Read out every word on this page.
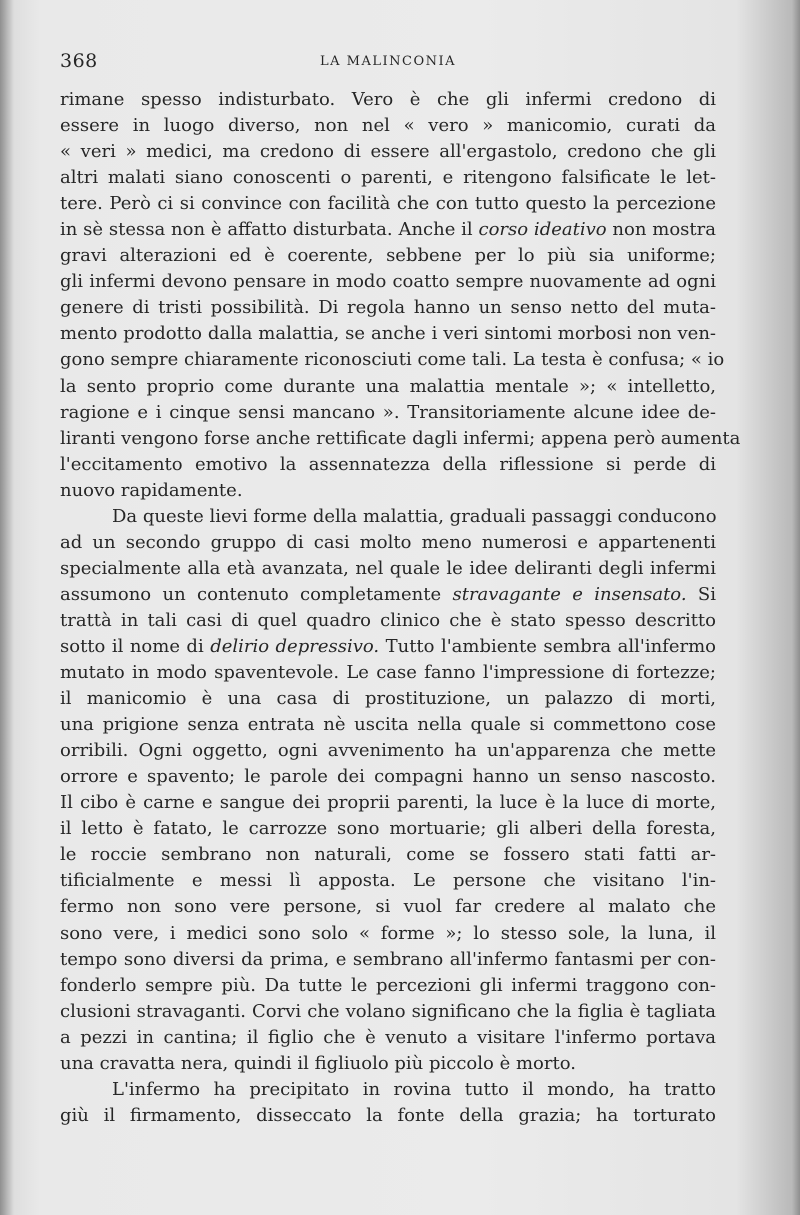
368	LA MALINCONIA

rimane spesso indisturbato. Vero è che gli infermi credono di
essere in luogo diverso, non nel « vero » manicomio, curati da
« veri » medici, ma credono di essere all'ergastolo, credono che gli
altri malati siano conoscenti o parenti, e ritengono falsificate le let-
tere. Però ci si convince con facilità che con tutto questo la percezione
in sè stessa non è affatto disturbata. Anche il corso ideativo non mostra
gravi alterazioni ed è coerente, sebbene per lo più sia uniforme;
gli infermi devono pensare in modo coatto sempre nuovamente ad ogni
genere di tristi possibilità. Di regola hanno un senso netto del muta-
mento prodotto dalla malattia, se anche i veri sintomi morbosi non ven-
gono sempre chiaramente riconosciuti come tali. La testa è confusa; « io
la sento proprio come durante una malattia mentale »; « intelletto,
ragione e i cinque sensi mancano ». Transitoriamente alcune idee de-
liranti vengono forse anche rettificate dagli infermi; appena però aumenta
l'eccitamento emotivo la assennatezza della riflessione si perde di
nuovo rapidamente.

Da queste lievi forme della malattia, graduali passaggi conducono
ad un secondo gruppo di casi molto meno numerosi e appartenenti
specialmente alla età avanzata, nel quale le idee deliranti degli infermi
assumono un contenuto completamente stravagante e insensato. Si
trattà in tali casi di quel quadro clinico che è stato spesso descritto
sotto il nome di delirio depressivo. Tutto l'ambiente sembra all'infermo
mutato in modo spaventevole. Le case fanno l'impressione di fortezze;
il manicomio è una casa di prostituzione, un palazzo di morti,
una prigione senza entrata nè uscita nella quale si commettono cose
orribili. Ogni oggetto, ogni avvenimento ha un'apparenza che mette
orrore e spavento; le parole dei compagni hanno un senso nascosto.
Il cibo è carne e sangue dei proprii parenti, la luce è la luce di morte,
il letto è fatato, le carrozze sono mortuarie; gli alberi della foresta,
le roccie sembrano non naturali, come se fossero stati fatti ar-
tificialmente e messi lì apposta. Le persone che visitano l'in-
fermo non sono vere persone, si vuol far credere al malato che
sono vere, i medici sono solo « forme »; lo stesso sole, la luna, il
tempo sono diversi da prima, e sembrano all'infermo fantasmi per con-
fonderlo sempre più. Da tutte le percezioni gli infermi traggono con-
clusioni stravaganti. Corvi che volano significano che la figlia è tagliata
a pezzi in cantina; il figlio che è venuto a visitare l'infermo portava
una cravatta nera, quindi il figliuolo più piccolo è morto.

L'infermo ha precipitato in rovina tutto il mondo, ha tratto
giù il firmamento, disseccato la fonte della grazia; ha torturato
